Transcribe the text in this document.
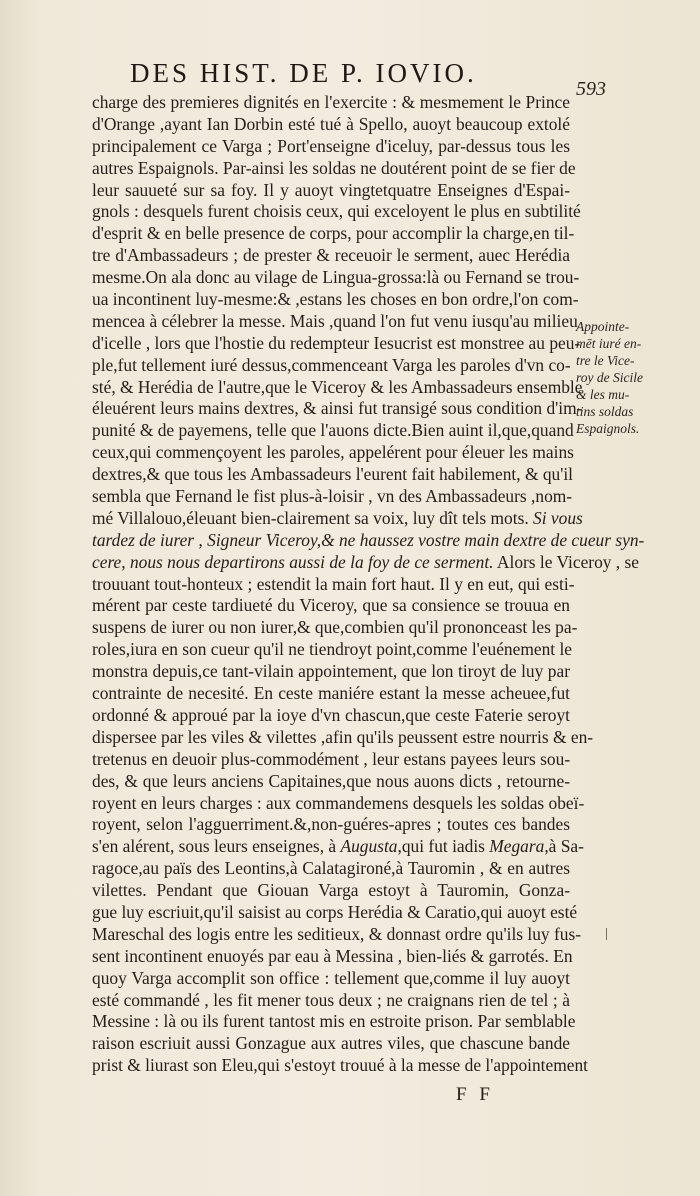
DES HIST. DE P. IOVIO.
593
charge des premieres dignités en l'exercite : & mesmement le Prince
d'Orange ,ayant Ian Dorbin esté tué à Spello, auoyt beaucoup extolé
principalement ce Varga ; Port'enseigne d'iceluy, par-dessus tous les
autres Espaignols. Par-ainsi les soldas ne doutérent point de se fier de
leur sauueté sur sa foy. Il y auoyt vingtetquatre Enseignes d'Espai-
gnols : desquels furent choisis ceux, qui exceloyent le plus en subtilité
d'esprit & en belle presence de corps, pour accomplir la charge,en til-
tre d'Ambassadeurs ; de prester & receuoir le serment, auec Herédia
mesme.On ala donc au vilage de Lingua-grossa:là ou Fernand se trou-
ua incontinent luy-mesme:& ,estans les choses en bon ordre,l'on com-
mencea à célebrer la messe. Mais ,quand l'on fut venu iusqu'au milieu
d'icelle , lors que l'hostie du redempteur Iesucrist est monstree au peu-
ple,fut tellement iuré dessus,commenceant Varga les paroles d'vn co-
sté, & Herédia de l'autre,que le Viceroy & les Ambassadeurs ensemble
éleuérent leurs mains dextres, & ainsi fut transigé sous condition d'im-
punité & de payemens, telle que l'auons dicte.Bien auint il,que,quand
ceux,qui commençoyent les paroles, appelérent pour éleuer les mains
dextres,& que tous les Ambassadeurs l'eurent fait habilement, & qu'il
sembla que Fernand le fist plus-à-loisir , vn des Ambassadeurs ,nom-
mé Villalouo,éleuant bien-clairement sa voix, luy dît tels mots. Si vous
tardez de iurer , Signeur Viceroy,& ne haussez vostre main dextre de cueur syn-
cere, nous nous departirons aussi de la foy de ce serment. Alors le Viceroy , se
trouuant tout-honteux ; estendit la main fort haut. Il y en eut, qui esti-
mérent par ceste tardiueté du Viceroy, que sa consience se trouua en
suspens de iurer ou non iurer,& que,combien qu'il prononceast les pa-
roles,iura en son cueur qu'il ne tiendroyt point,comme l'euénement le
monstra depuis,ce tant-vilain appointement, que lon tiroyt de luy par
contrainte de necesité. En ceste maniére estant la messe acheuee,fut
ordonné & approué par la ioye d'vn chascun,que ceste Faterie seroyt
dispersee par les viles & vilettes ,afin qu'ils peussent estre nourris & en-
tretenus en deuoir plus-commodément , leur estans payees leurs sou-
des, & que leurs anciens Capitaines,que nous auons dicts , retourne-
royent en leurs charges : aux commandemens desquels les soldas obeï-
royent, selon l'agguerriment.&,non-guéres-apres ; toutes ces bandes
s'en alérent, sous leurs enseignes, à Augusta,qui fut iadis Megara,à Sa-
ragoce,au païs des Leontins,à Calatagironé,à Tauromin , & en autres
vilettes. Pendant que Giouan Varga estoyt à Tauromin, Gonza-
gue luy escriuit,qu'il saisist au corps Herédia & Caratio,qui auoyt esté
Mareschal des logis entre les seditieux, & donnast ordre qu'ils luy fus-
sent incontinent enuoyés par eau à Messina , bien-liés & garrotés. En
quoy Varga accomplit son office : tellement que,comme il luy auoyt
esté commandé , les fit mener tous deux ; ne craignans rien de tel ; à
Messine : là ou ils furent tantost mis en estroite prison. Par semblable
raison escriuit aussi Gonzague aux autres viles, que chascune bande
prist & liurast son Eleu,qui s'estoyt trouué à la messe de l'appointement
Appointe-
mēt iuré en-
tre le Vice-
roy de Sicile
& les mu-
tins soldas
Espaignols.
F F
